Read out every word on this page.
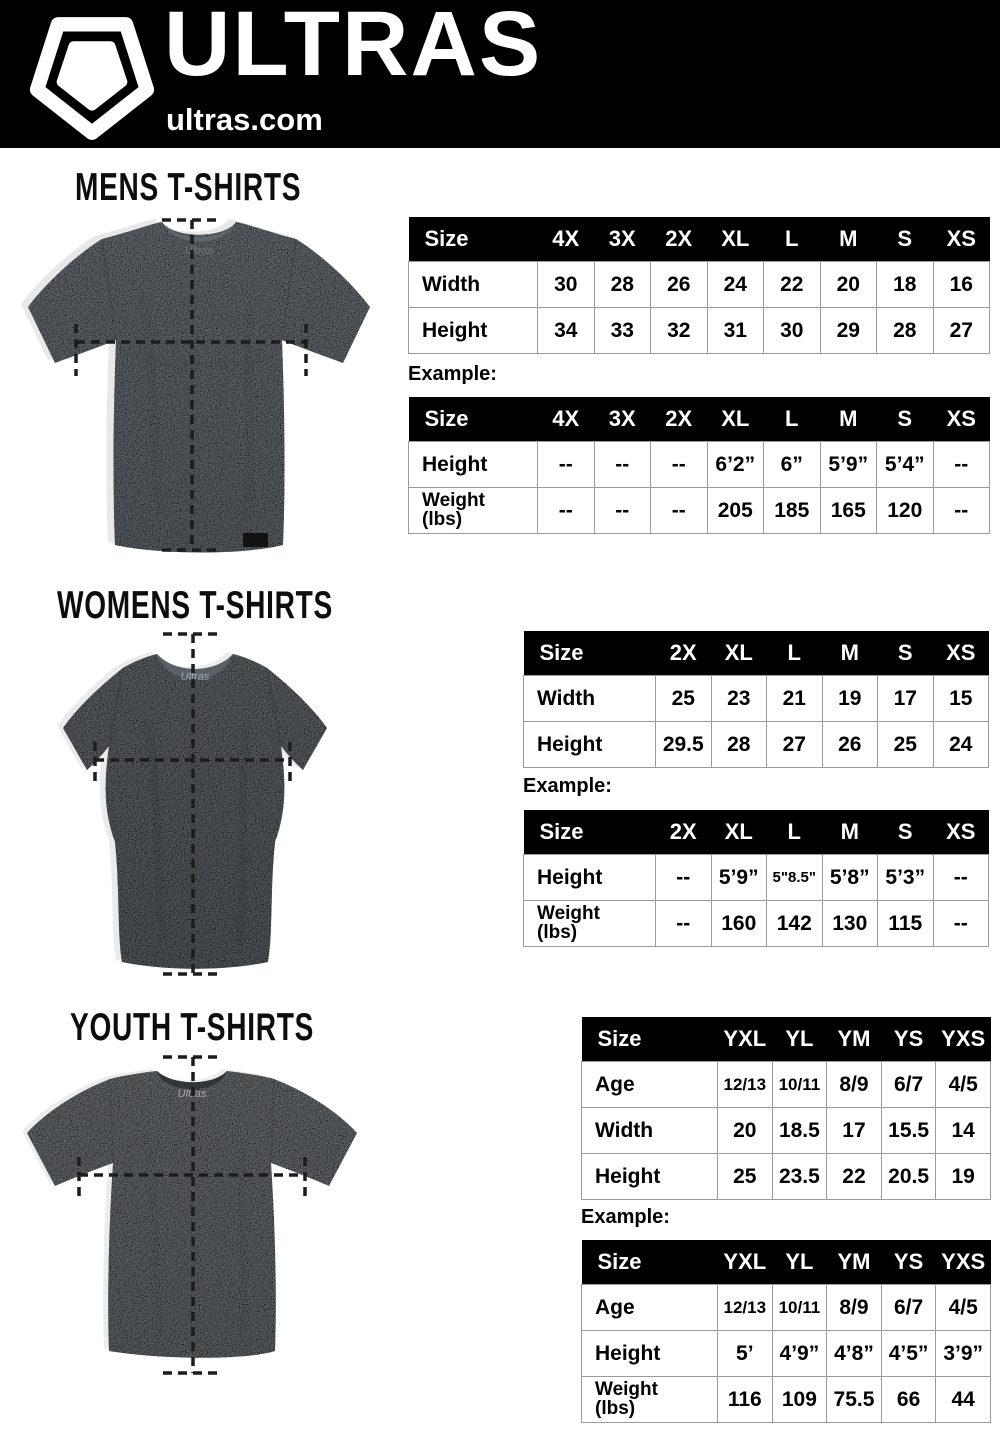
ULTRAS
ultras.com
MENS T-SHIRTS
Ultras	Size	4X	3X	2X	XL	L	M	S	XS
Width	30	28	26	24	22	20	18	16
Height	34	33	32	31	30	29	28	27
Example:
Size	4X	3X	2X	XL	L	M	S	XS
Height	--	--	--	6’2”	6”	5’9”	5’4”	--
Weight
(lbs)	--	--	--	205	185	165	120	--
WOMENS T-SHIRTS
Ultras
Size	2X	XL	L	M	S	XS
Width	25	23	21	19	17	15
Height	29.5	28	27	26	25	24
Example:
Size	2X	XL	L	M	S	XS
Height	--	5’9”	5"8.5"	5’8”	5’3”	--
Weight
(lbs)	--	160	142	130	115	--
YOUTH T-SHIRTS
Ultras
Size	YXL	YL	YM	YS	YXS
Age	12/13	10/11	8/9	6/7	4/5
Width	20	18.5	17	15.5	14
Height	25	23.5	22	20.5	19
Example:
Size	YXL	YL	YM	YS	YXS
Age	12/13	10/11	8/9	6/7	4/5
Height	5’	4’9”	4’8”	4’5”	3’9”
Weight
(lbs)	116	109	75.5	66	44
